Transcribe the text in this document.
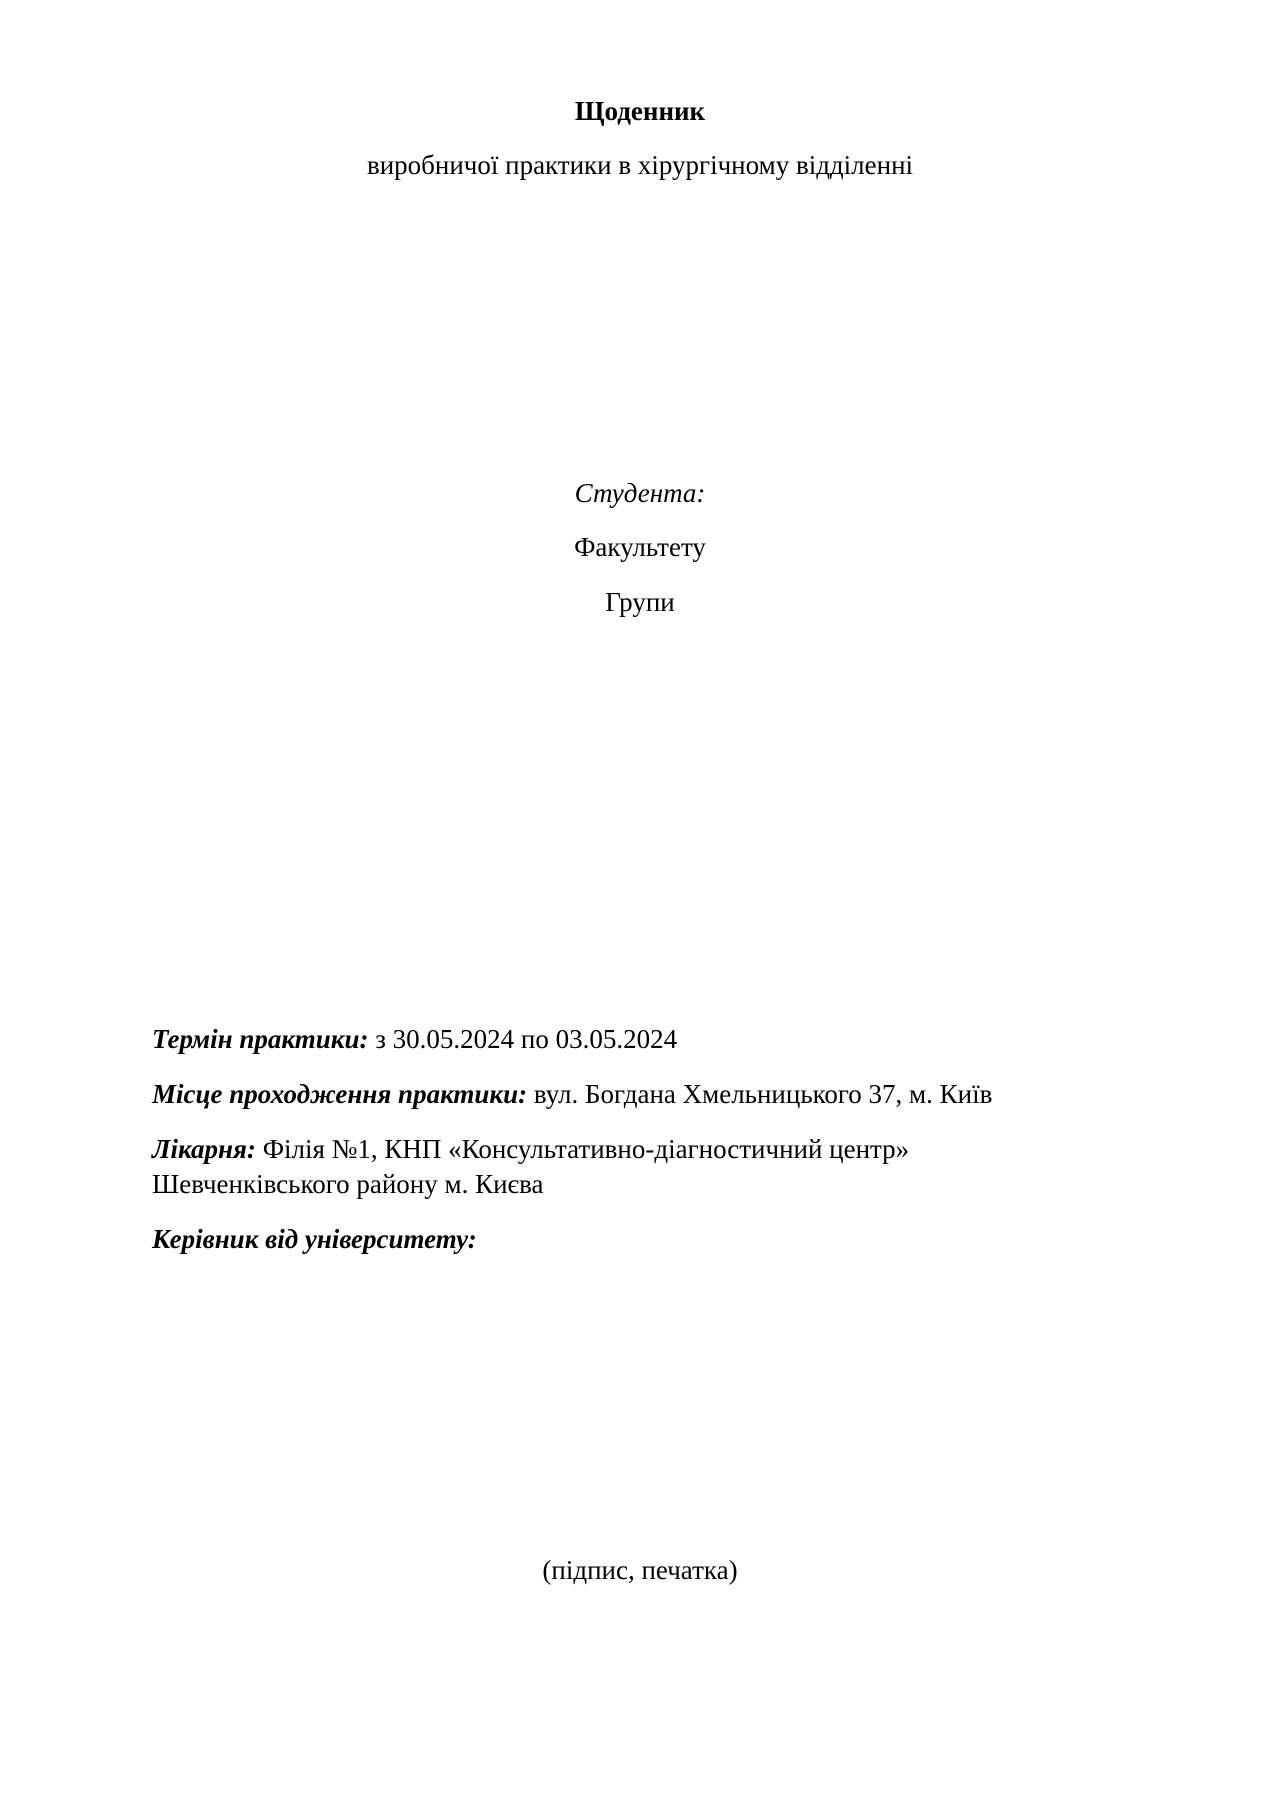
Щоденник
виробничої практики в хірургічному відділенні
Студента:
Факультету
Групи
Термін практики: з 30.05.2024 по 03.05.2024
Місце проходження практики: вул. Богдана Хмельницького 37, м. Київ
Лікарня: Філія №1, КНП «Консультативно-діагностичний центр»
Шевченківського району м. Києва
Керівник від університету:
(підпис, печатка)
